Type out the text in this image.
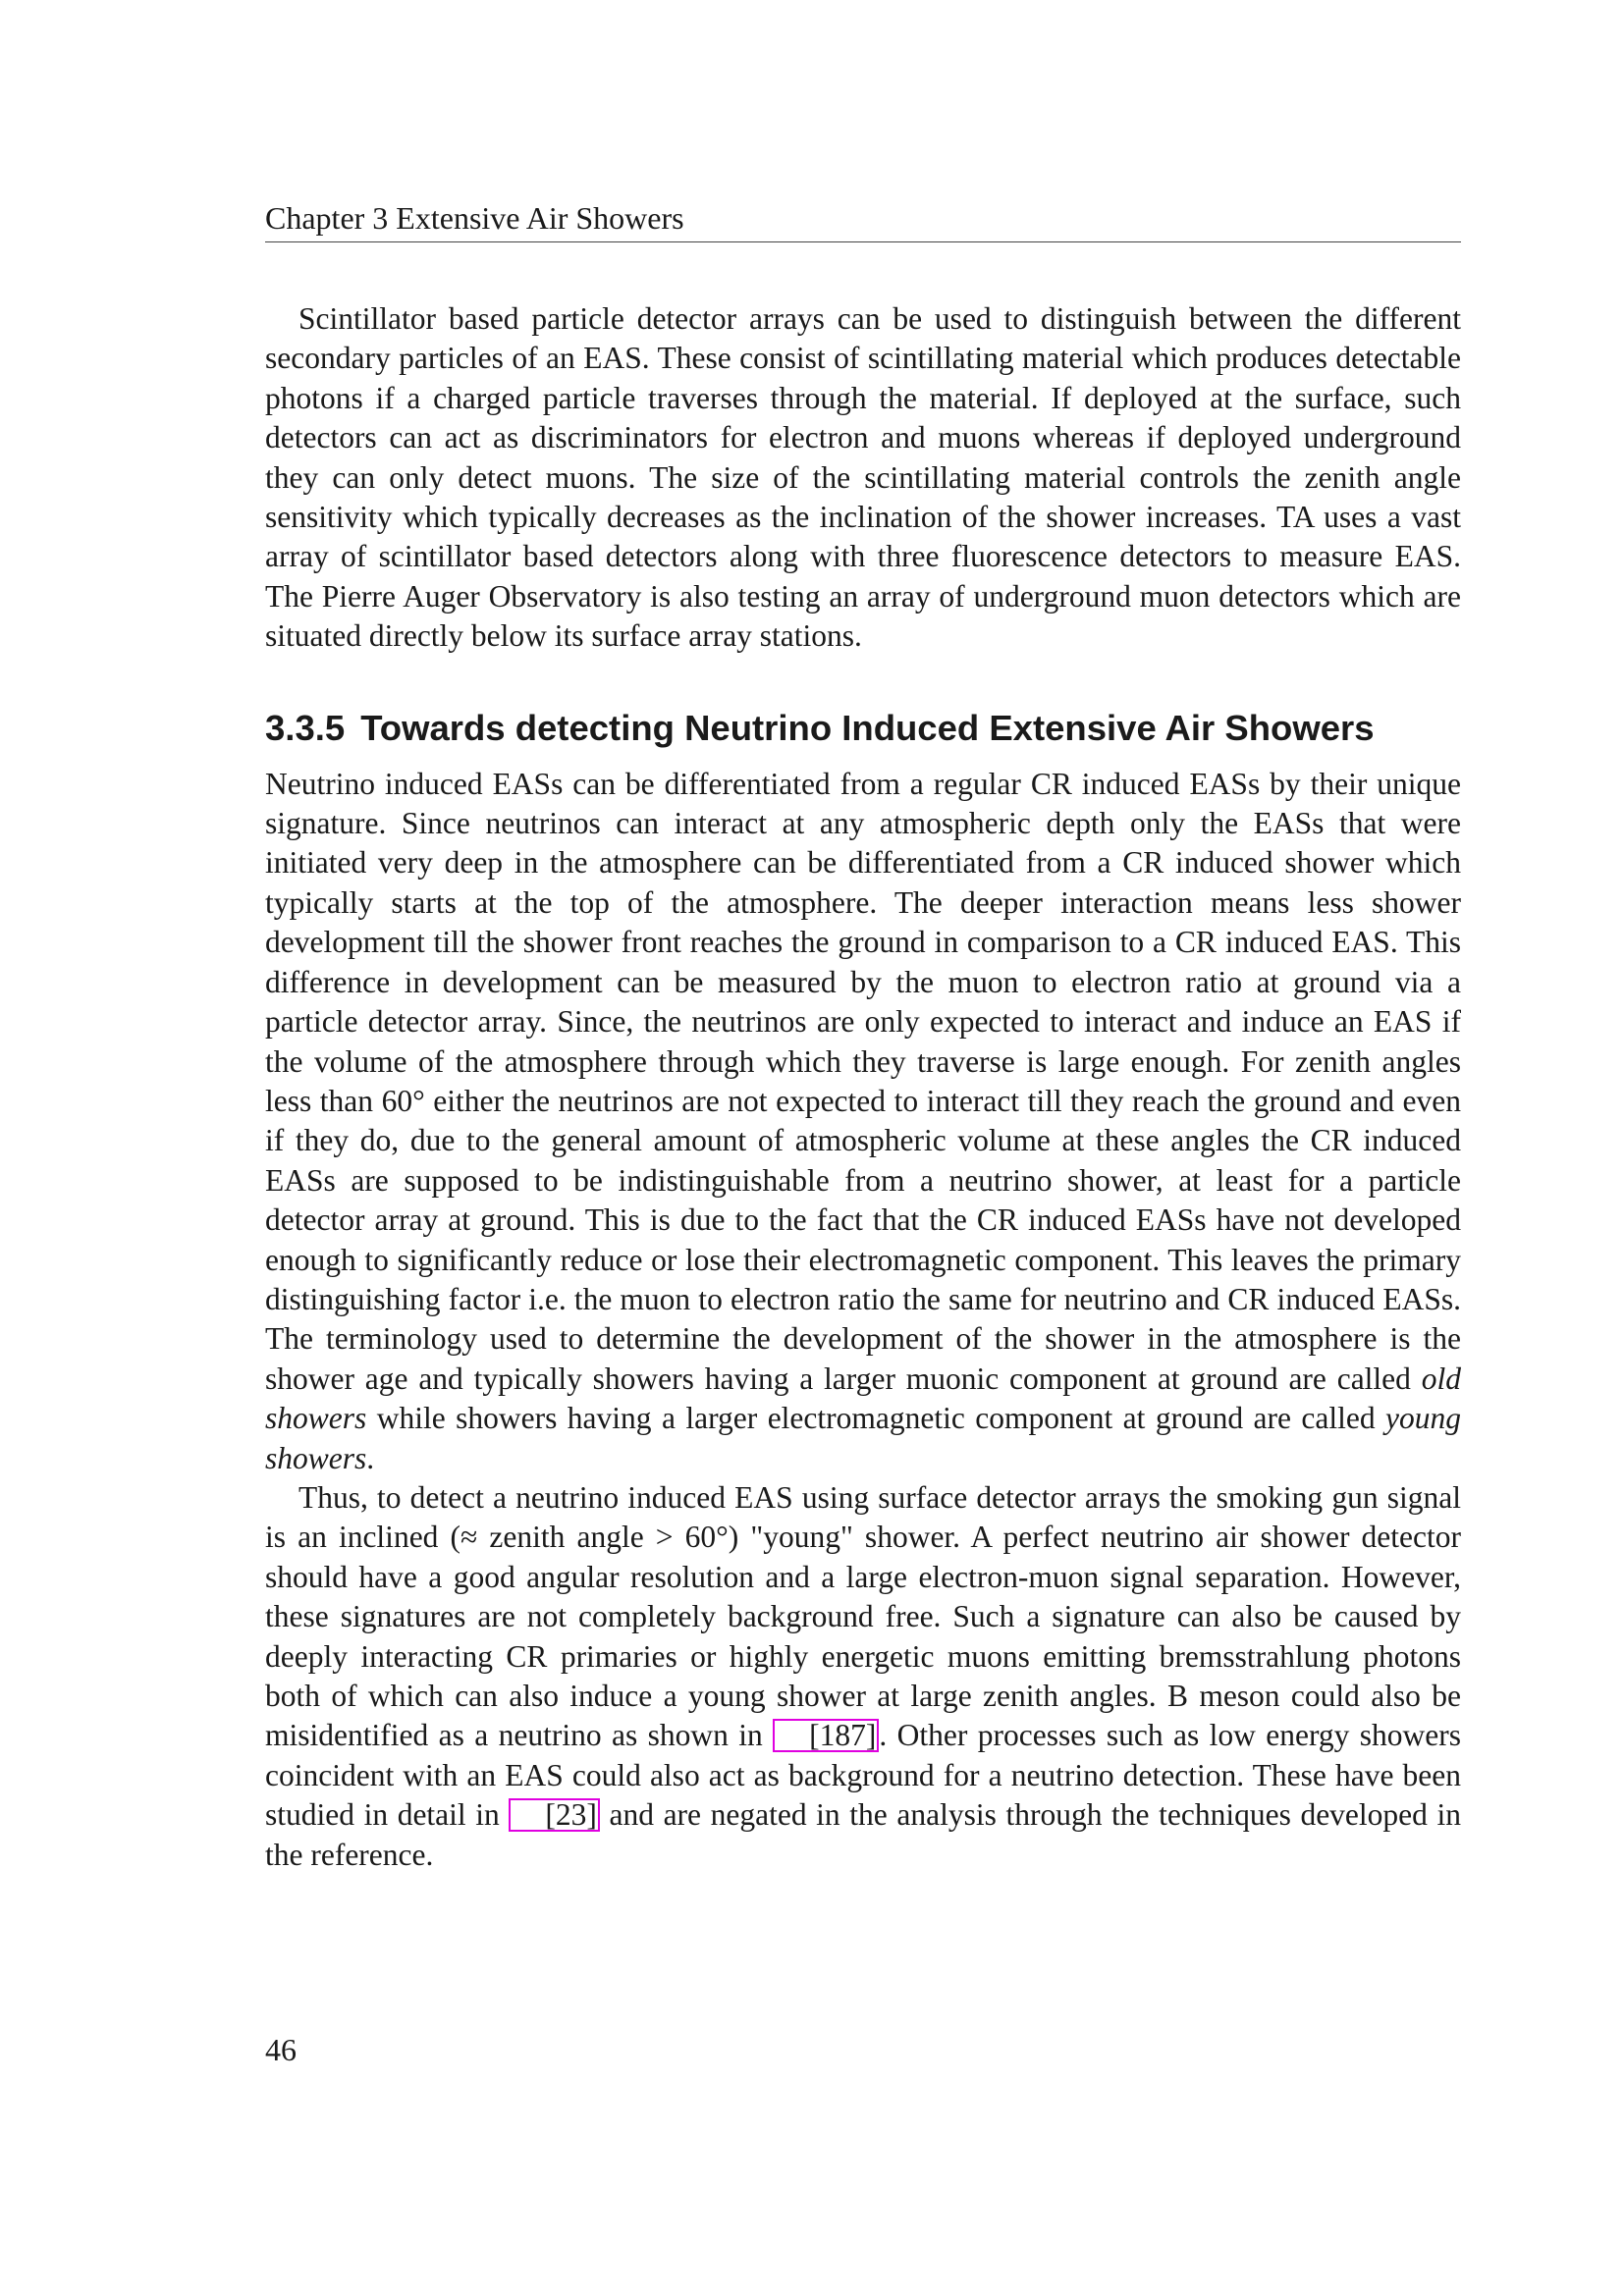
Chapter 3 Extensive Air Showers

Scintillator based particle detector arrays can be used to distinguish between the different secondary particles of an EAS. These consist of scintillating material which produces detectable photons if a charged particle traverses through the material. If deployed at the surface, such detectors can act as discriminators for electron and muons whereas if deployed underground they can only detect muons. The size of the scintillating material controls the zenith angle sensitivity which typically decreases as the inclination of the shower increases. TA uses a vast array of scintillator based detectors along with three fluorescence detectors to measure EAS. The Pierre Auger Observatory is also testing an array of underground muon detectors which are situated directly below its surface array stations.

3.3.5 Towards detecting Neutrino Induced Extensive Air Showers

Neutrino induced EASs can be differentiated from a regular CR induced EASs by their unique signature. Since neutrinos can interact at any atmospheric depth only the EASs that were initiated very deep in the atmosphere can be differentiated from a CR induced shower which typically starts at the top of the atmosphere. The deeper interaction means less shower development till the shower front reaches the ground in comparison to a CR induced EAS. This difference in development can be measured by the muon to electron ratio at ground via a particle detector array. Since, the neutrinos are only expected to interact and induce an EAS if the volume of the atmosphere through which they traverse is large enough. For zenith angles less than 60° either the neutrinos are not expected to interact till they reach the ground and even if they do, due to the general amount of atmospheric volume at these angles the CR induced EASs are supposed to be indistinguishable from a neutrino shower, at least for a particle detector array at ground. This is due to the fact that the CR induced EASs have not developed enough to significantly reduce or lose their electromagnetic component. This leaves the primary distinguishing factor i.e. the muon to electron ratio the same for neutrino and CR induced EASs. The terminology used to determine the development of the shower in the atmosphere is the shower age and typically showers having a larger muonic component at ground are called old showers while showers having a larger electromagnetic component at ground are called young showers.

Thus, to detect a neutrino induced EAS using surface detector arrays the smoking gun signal is an inclined (≈ zenith angle > 60°) "young" shower. A perfect neutrino air shower detector should have a good angular resolution and a large electron-muon signal separation. However, these signatures are not completely background free. Such a signature can also be caused by deeply interacting CR primaries or highly energetic muons emitting bremsstrahlung photons both of which can also induce a young shower at large zenith angles. B meson could also be misidentified as a neutrino as shown in [187]. Other processes such as low energy showers coincident with an EAS could also act as background for a neutrino detection. These have been studied in detail in [23] and are negated in the analysis through the techniques developed in the reference.

46
